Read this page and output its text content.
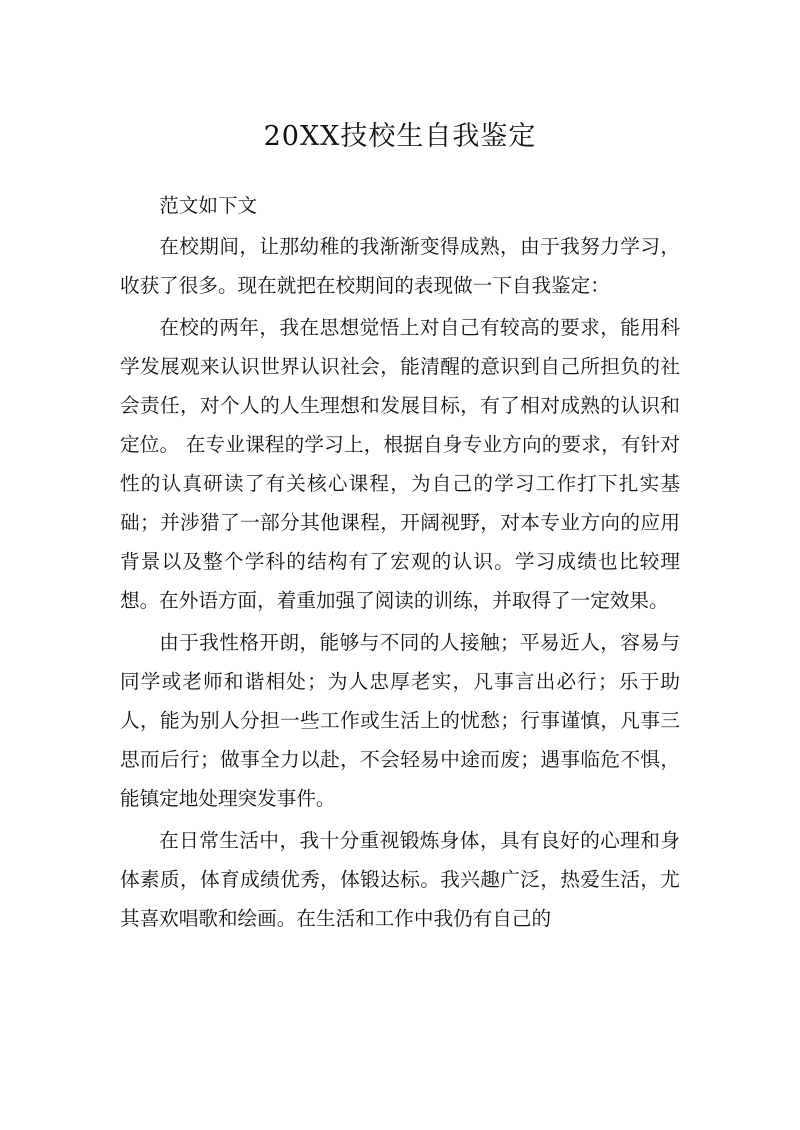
20XX技校生自我鉴定

范文如下文

在校期间，让那幼稚的我渐渐变得成熟，由于我努力学习，收获了很多。现在就把在校期间的表现做一下自我鉴定：

在校的两年，我在思想觉悟上对自己有较高的要求，能用科学发展观来认识世界认识社会，能清醒的意识到自己所担负的社会责任，对个人的人生理想和发展目标，有了相对成熟的认识和定位。 在专业课程的学习上，根据自身专业方向的要求，有针对性的认真研读了有关核心课程，为自己的学习工作打下扎实基础；并涉猎了一部分其他课程，开阔视野，对本专业方向的应用背景以及整个学科的结构有了宏观的认识。学习成绩也比较理想。在外语方面，着重加强了阅读的训练，并取得了一定效果。

由于我性格开朗，能够与不同的人接触；平易近人，容易与同学或老师和谐相处；为人忠厚老实，凡事言出必行；乐于助人，能为别人分担一些工作或生活上的忧愁；行事谨慎，凡事三思而后行；做事全力以赴，不会轻易中途而废；遇事临危不惧，能镇定地处理突发事件。

在日常生活中，我十分重视锻炼身体，具有良好的心理和身体素质，体育成绩优秀，体锻达标。我兴趣广泛，热爱生活，尤其喜欢唱歌和绘画。在生活和工作中我仍有自己的
